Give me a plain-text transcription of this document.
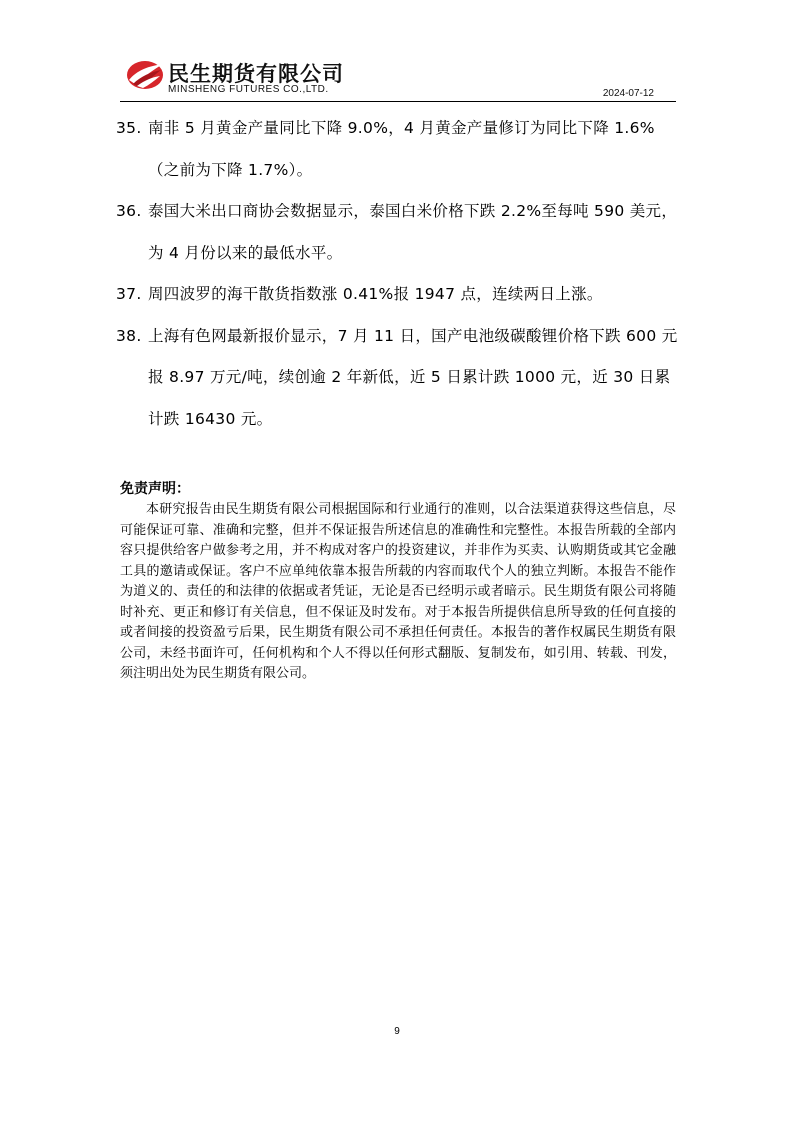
民生期货有限公司
MINSHENG FUTURES CO.,LTD.	2024-07-12
35. 南非 5 月黄金产量同比下降 9.0%，4 月黄金产量修订为同比下降 1.6%（之前为下降 1.7%）。
36. 泰国大米出口商协会数据显示，泰国白米价格下跌 2.2%至每吨 590 美元，为 4 月份以来的最低水平。
37. 周四波罗的海干散货指数涨 0.41%报 1947 点，连续两日上涨。
38. 上海有色网最新报价显示，7 月 11 日，国产电池级碳酸锂价格下跌 600 元报 8.97 万元/吨，续创逾 2 年新低，近 5 日累计跌 1000 元，近 30 日累计跌 16430 元。
免责声明：

本研究报告由民生期货有限公司根据国际和行业通行的准则，以合法渠道获得这些信息，尽可能保证可靠、准确和完整，但并不保证报告所述信息的准确性和完整性。本报告所载的全部内容只提供给客户做参考之用，并不构成对客户的投资建议，并非作为买卖、认购期货或其它金融工具的邀请或保证。客户不应单纯依靠本报告所载的内容而取代个人的独立判断。本报告不能作为道义的、责任的和法律的依据或者凭证，无论是否已经明示或者暗示。民生期货有限公司将随时补充、更正和修订有关信息，但不保证及时发布。对于本报告所提供信息所导致的任何直接的或者间接的投资盈亏后果，民生期货有限公司不承担任何责任。本报告的著作权属民生期货有限公司，未经书面许可，任何机构和个人不得以任何形式翻版、复制发布，如引用、转载、刊发，须注明出处为民生期货有限公司。

9
